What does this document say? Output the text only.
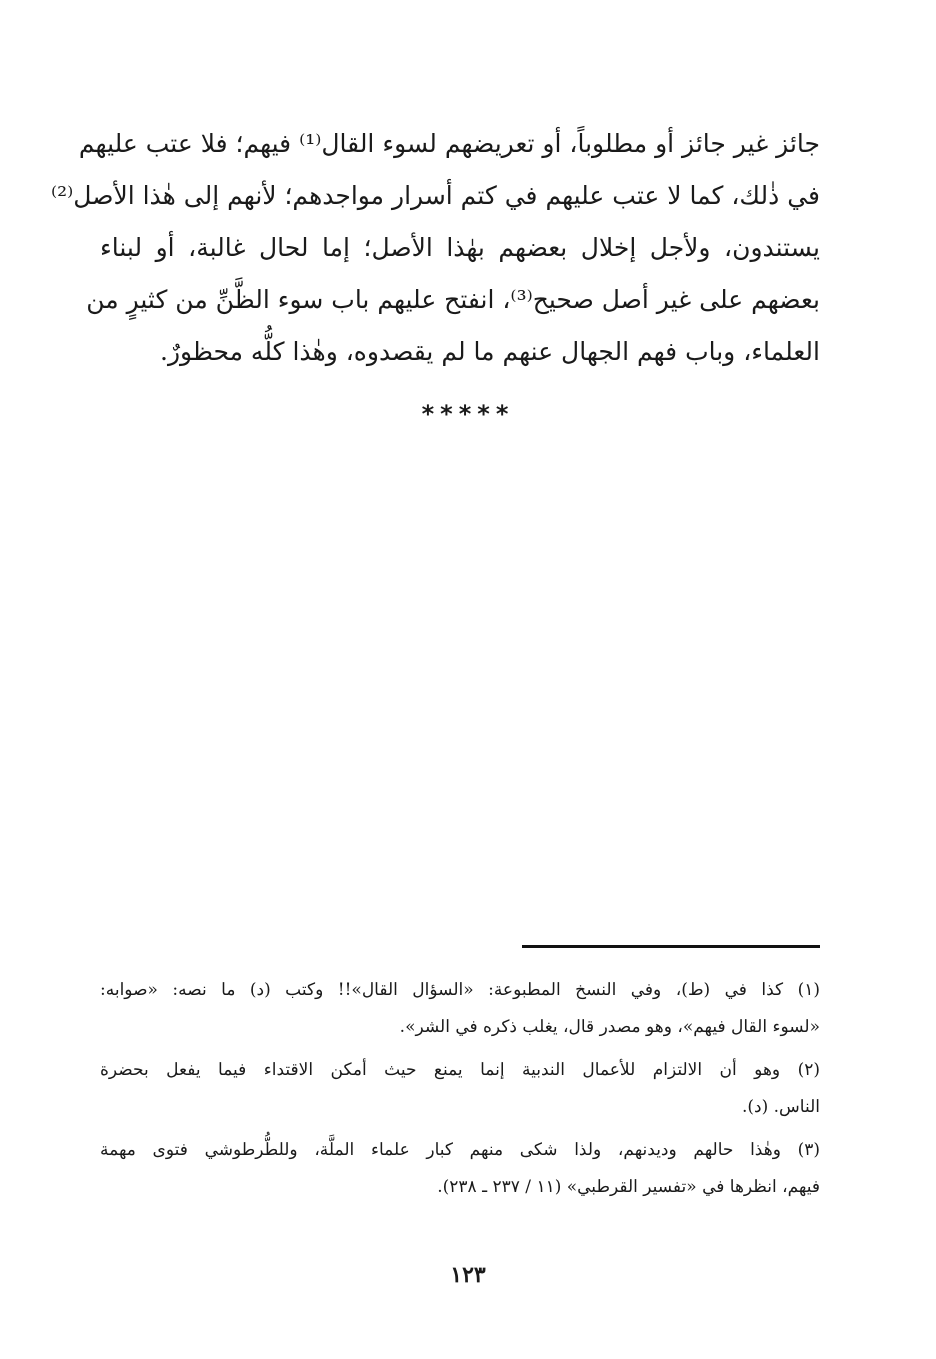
جائز غير جائز أو مطلوباً، أو تعريضهم لسوء القال⁽¹⁾ فيهم؛ فلا عتب عليهم
في ذٰلك، كما لا عتب عليهم في كتم أسرار مواجدهم؛ لأنهم إلى هٰذا الأصل⁽²⁾
يستندون، ولأجل إخلال بعضهم بهٰذا الأصل؛ إما لحال غالبة، أو لبناء
بعضهم على غير أصل صحيح⁽³⁾، انفتح عليهم باب سوء الظَّنِّ من كثيرٍ من
العلماء، وباب فهم الجهال عنهم ما لم يقصدوه، وهٰذا كلُّه محظورٌ.
*****
(١) كذا في (ط)، وفي النسخ المطبوعة: «السؤال القال»!! وكتب (د) ما نصه: «صوابه:
«لسوء القال فيهم»، وهو مصدر قال، يغلب ذكره في الشر».
(٢) وهو أن الالتزام للأعمال الندبية إنما يمنع حيث أمكن الاقتداء فيما يفعل بحضرة
الناس. (د).
(٣) وهٰذا حالهم وديدنهم، ولذا شكى منهم كبار علماء الملَّة، وللطُّرطوشي فتوى مهمة
فيهم، انظرها في «تفسير القرطبي» (١١ / ٢٣٧ ـ ٢٣٨).
١٢٣
